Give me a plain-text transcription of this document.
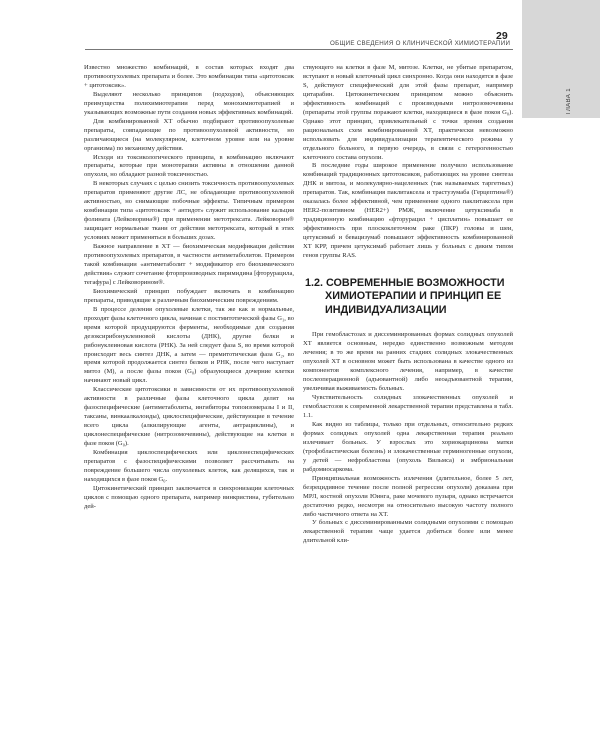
ГЛАВА 1
ОБЩИЕ СВЕДЕНИЯ О КЛИНИЧЕСКОЙ ХИМИОТЕРАПИИ
29

Известно множество комбинаций, в состав которых входят два противоопухолевых препарата и более. Это комбинации типа «цитотоксик + цитотоксик».

Выделяют несколько принципов (подходов), объясняющих преимущества полихимиотерапии перед монохимиотерапией и указывающих возможные пути создания новых эффективных комбинаций.

Для комбинированной ХТ обычно подбирают противоопухолевые препараты, совпадающие по противоопухолевой активности, но различающиеся (на молекулярном, клеточном уровне или на уровне организма) по механизму действия.

Исходя из токсикологического принципа, в комбинацию включают препараты, которые при монотерапии активны в отношении данной опухоли, но обладают разной токсичностью.

В некоторых случаях с целью снизить токсичность противоопухолевых препаратов применяют другие ЛС, не обладающие противоопухолевой активностью, но снимающие побочные эффекты. Типичным примером комбинации типа «цитотоксик + антидот» служит использование кальция фолината (Лейковорина®) при применении метотрексата. Лейковорин® защищает нормальные ткани от действия метотрексата, который в этих условиях может применяться в больших дозах.

Важное направление в ХТ — биохимическая модификация действия противоопухолевых препаратов, в частности антиметаболитов. Примером такой комбинации «антиметаболит + модификатор его биохимического действия» служит сочетание фторпроизводных пиримидина [фторурацила, тегафура] с Лейковорином®.

Биохимический принцип побуждает включать в комбинацию препараты, приводящие к различным биохимическим повреждениям.

В процессе деления опухолевые клетки, так же как и нормальные, проходят фазы клеточного цикла, начиная с постмитотической фазы G₁, во время которой продуцируются ферменты, необходимые для создания дезоксирибонуклеиновой кислоты (ДНК), другие белки и рибонуклеиновая кислота (РНК). За ней следует фаза S, во время которой происходит весь синтез ДНК, а затем — премитотическая фаза G₂, во время которой продолжается синтез белков и РНК, после чего наступает митоз (М), а после фазы покоя (G₀) образующиеся дочерние клетки начинают новый цикл.

Классические цитотоксики в зависимости от их противоопухолевой активности в различные фазы клеточного цикла делят на фазоспецифические (антиметаболиты, ингибиторы топоизомеразы I и II, таксаны, винкаалкалоиды), циклоспецифические, действующие в течение всего цикла (алкилирующие агенты, антрациклины), и циклонеспецифические (нитрозомочевины), действующие на клетки в фазе покоя (G₀).

Комбинация циклоспецифических или циклонеспецифических препаратов с фазоспецифическими позволяет рассчитывать на повреждение большего числа опухолевых клеток, как делящихся, так и находящихся в фазе покоя G₀.

Цитокинетический принцип заключается в синхронизации клеточных циклов с помощью одного препарата, например винкристина, губительно дей-

ствующего на клетки в фазе М, митозе. Клетки, не убитые препаратом, вступают в новый клеточный цикл синхронно. Когда они находятся в фазе S, действуют специфический для этой фазы препарат, например цитарабин. Цитокинетическим принципом можно объяснить эффективность комбинаций с производными нитрозомочевины (препараты этой группы поражают клетки, находящиеся в фазе покоя G₀). Однако этот принцип, привлекательный с точки зрения создания рациональных схем комбинированной ХТ, практически невозможно использовать для индивидуализации терапевтического режима у отдельного больного, в первую очередь, в связи с гетерогенностью клеточного состава опухоли.

В последние годы широкое применение получило использование комбинаций традиционных цитотоксиков, работающих на уровне синтеза ДНК и митоза, и молекулярно-нацеленных (так называемых таргетных) препаратов. Так, комбинация паклитаксела и трастузумаба (Герцептина®) оказалась более эффективной, чем применение одного паклитаксела при HER2-позитивном (HER2+) РМЖ, включение цетуксимаба в традиционную комбинацию «фторурацил + цисплатин» повышает ее эффективность при плоскоклеточном раке (ПКР) головы и шеи, цетуксимаб и бевацизумаб повышают эффективность комбинированной ХТ КРР, причем цетуксимаб работает лишь у больных с диким типом генов группы RAS.

1.2. СОВРЕМЕННЫЕ ВОЗМОЖНОСТИ
ХИМИОТЕРАПИИ И ПРИНЦИП ЕЕ
ИНДИВИДУАЛИЗАЦИИ

При гемобластозах и диссеминированных формах солидных опухолей ХТ является основным, нередко единственно возможным методом лечения; в то же время на ранних стадиях солидных злокачественных опухолей ХТ в основном может быть использована в качестве одного из компонентов комплексного лечения, например, в качестве послеоперационной (адъювантной) либо неоадъювантной терапии, увеличивая выживаемость больных.

Чувствительность солидных злокачественных опухолей и гемобластозов к современной лекарственной терапии представлена в табл. 1.1.

Как видно из таблицы, только при отдельных, относительно редких формах солидных опухолей одна лекарственная терапия реально излечивает больных. У взрослых это хориокарцинома матки (трофобластическая болезнь) и злокачественные герминогенные опухоли, у детей — нефробластома (опухоль Вильмса) и эмбриональная рабдомиосаркома.

Принципиальная возможность излечения (длительное, более 5 лет, безрецидивное течение после полной регрессии опухоли) доказана при МРЛ, костной опухоли Юинга, раке мочевого пузыря, однако встречается достаточно редко, несмотря на относительно высокую частоту полного либо частичного ответа на ХТ.

У больных с диссеминированными солидными опухолями с помощью лекарственной терапии чаще удается добиться более или менее длительной кли-
